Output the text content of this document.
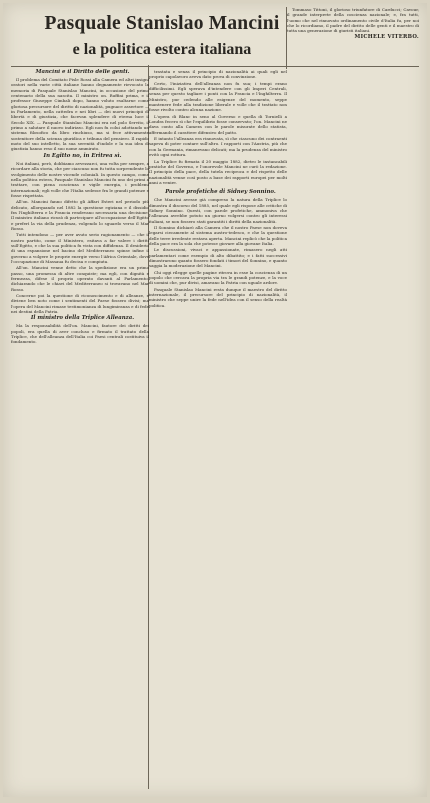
Pasquale Stanislao Mancini
e la politica estera italiana

Mancini e il Diritto delle genti.

Il problema del Comitato Pisle Rossi alla Camera ed altri insigni oratori nella varie città italiane hanno degnamente rievocato la memoria di Pasquale Stanislao Mancini, in occasione del primo centenario della sua nascita. Il ministro on. Ruffini prima, e il professor Giuseppe Cimbali dopo, hanno voluto esaltarne come gloriosa precursore del diritto di nazionalità, pugnace assertore — in Parlamento, nella cattedra e nei libri — dei nuovi principii di libertà e di giustizia, che facevan splendere di eterna luce il Secolo XIX. — Pasquale Stanislao Mancini era nel polo Servito, il primo a salutare il nuovo indirizzo. Egli non fu colui adottando un sistema filosofico da libro rinchiuso, ma si fece attivamente sostenitore della scienza giuridica e tribuna del pensiero. Il rapido moto del suo intelletto, la sua serenità d'indole e la sua idea di giustizia hanno reso il suo nome ammirato.

In Egitto no, in Eritrea sì.

Noi italiani, però, dobbiamo avvezzarci, una volta per sempre, a ricordare alla storia, che per ciascuno non fu tutta sorprendente lo svolgimento delle nostre vicende coloniali. In questo campo, come nella politica estera, Pasquale Stanislao Mancini fu uno dei primi a trattare, con piena coscienza e vigile energia, i problemi internazionali; egli volle che l'Italia sedesse fra le grandi potenze e fosse rispettata.

All'on. Mancini fanno difetto gli Affari Esteri nel periodo più delicato, allorquando nel 1882 la questione egiziana e il dissidio fra l'Inghilterra e la Francia rendevano necessaria una decisione. Il ministro italiano ricusò di partecipare all'occupazione dell'Egitto e preferì la via della prudenza, volgendo lo sguardo verso il Mar Rosso.

Tutti intendono — per aver avuto serio ragionamento — che il nostro partito, come il Ministero, esitava a far valere i diritti sull'Egitto, e che la sua politica fu vista con diffidenza. Il desiderio di una espansione nel bacino del Mediterraneo spinse infine il governo a volgere le proprie energie verso l'Africa Orientale, dove l'occupazione di Massaua fu decisa e compiuta.

All'on. Mancini venne detto che la spedizione era un primo passo, una promessa di altre conquiste; ma egli, con dignità e fermezza, difese il proprio operato davanti al Parlamento, dichiarando che le chiavi del Mediterraneo si trovavano nel Mar Rosso.

Concerne poi la questione di riconoscimento e di alleanze, e diviene ben noto come i sentimenti del Paese fossero divisi; ma l'opera del Mancini rimase testimonianza di lungimiranza e di fede nei destini della Patria.

Il ministro della Triplice Alleanza.

Ma la responsabilità dell'on. Mancini, fautore dei diritti dei popoli, era quella di aver concluso e firmato il trattato della Triplice, che dell'alleanza dell'Italia coi Paesi centrali costituiva il fondamento.

trastata e senza il principio di nazionalità ai quali egli nel proprio capolavoro aveva dato prova di convinzione.

Certo, l'iniziativa dell'alleanza non fu sua; i tempi erano difficilissimi. Egli sperava d'intendere con gli Imperi Centrali, senza per questo tagliare i ponti con la Francia e l'Inghilterra. Il Ministro, pur cedendo alle esigenze del momento, seppe mantenere fede alla tradizione liberale e volle che il trattato non fosse rivolto contro alcuna nazione.

L'opera di Blanc in seno al Governo e quella di Tornielli a Londra fecero sì che l'equilibrio fosse conservato; l'on. Mancini ne dava conto alla Camera con le parole misurate dello statista, affermando il carattere difensivo del patto.

E intanto l'alleanza era rinnovata, sì che ciascuno dei contraenti sapeva di poter contare sull'altro. I rapporti con l'Austria, più che con la Germania, rimanevano delicati; ma la prudenza del ministro evitò ogni rottura.

La Triplice fu firmata il 20 maggio 1882, dietro le instancabili pratiche del Governo, e l'onorevole Mancini ne curò la redazione. Il principio della pace, della tutela reciproca e del rispetto delle nazionalità venne così posto a base dei rapporti europei per molti anni a venire.

Parole profetiche di Sidney Sonnino.

Che Mancini avesse già compreso la natura della Triplice lo dimostra il discorso del 1885, nel quale egli rispose alle critiche di Sidney Sonnino. Questi, con parole profetiche, ammoniva che l'alleanza avrebbe potuto un giorno volgersi contro gli interessi italiani, se non fossero stati garantiti i diritti della nazionalità.

Il Sonnino dichiarò alla Camera che il nostro Paese non doveva legarsi ciecamente al sistema austro-tedesco, e che la questione delle terre irredente restava aperta. Mancini replicò che la politica della pace era la sola che potesse giovare alla giovane Italia.

Le discussioni, vivaci e appassionate, rimasero negli atti parlamentari come esempio di alto dibattito; e i fatti successivi dimostrarono quanto fossero fondati i timori del Sonnino, e quanto saggia la moderazione del Mancini.

Chi oggi rilegge quelle pagine ritrova in esse la coscienza di un popolo che cercava la propria via tra le grandi potenze, e la voce di uomini che, pur divisi, amavano la Patria con uguale ardore.

Pasquale Stanislao Mancini resta dunque il maestro del diritto internazionale, il precursore del principio di nazionalità, il ministro che seppe unire la fede nell'idea con il senso della realtà politica.

Tommaso Tittoni, il glorioso triunfatore di Carducci; Cavour, il grande interprete della coscienza nazionale; e, fra tutti, l'uomo che nel rinnovato ordinamento civile d'Italia fu, per noi che lo ricordiamo, il padre del diritto delle genti e il maestro di tutta una generazione di giuristi italiani.

MICHELE VITERBO.
